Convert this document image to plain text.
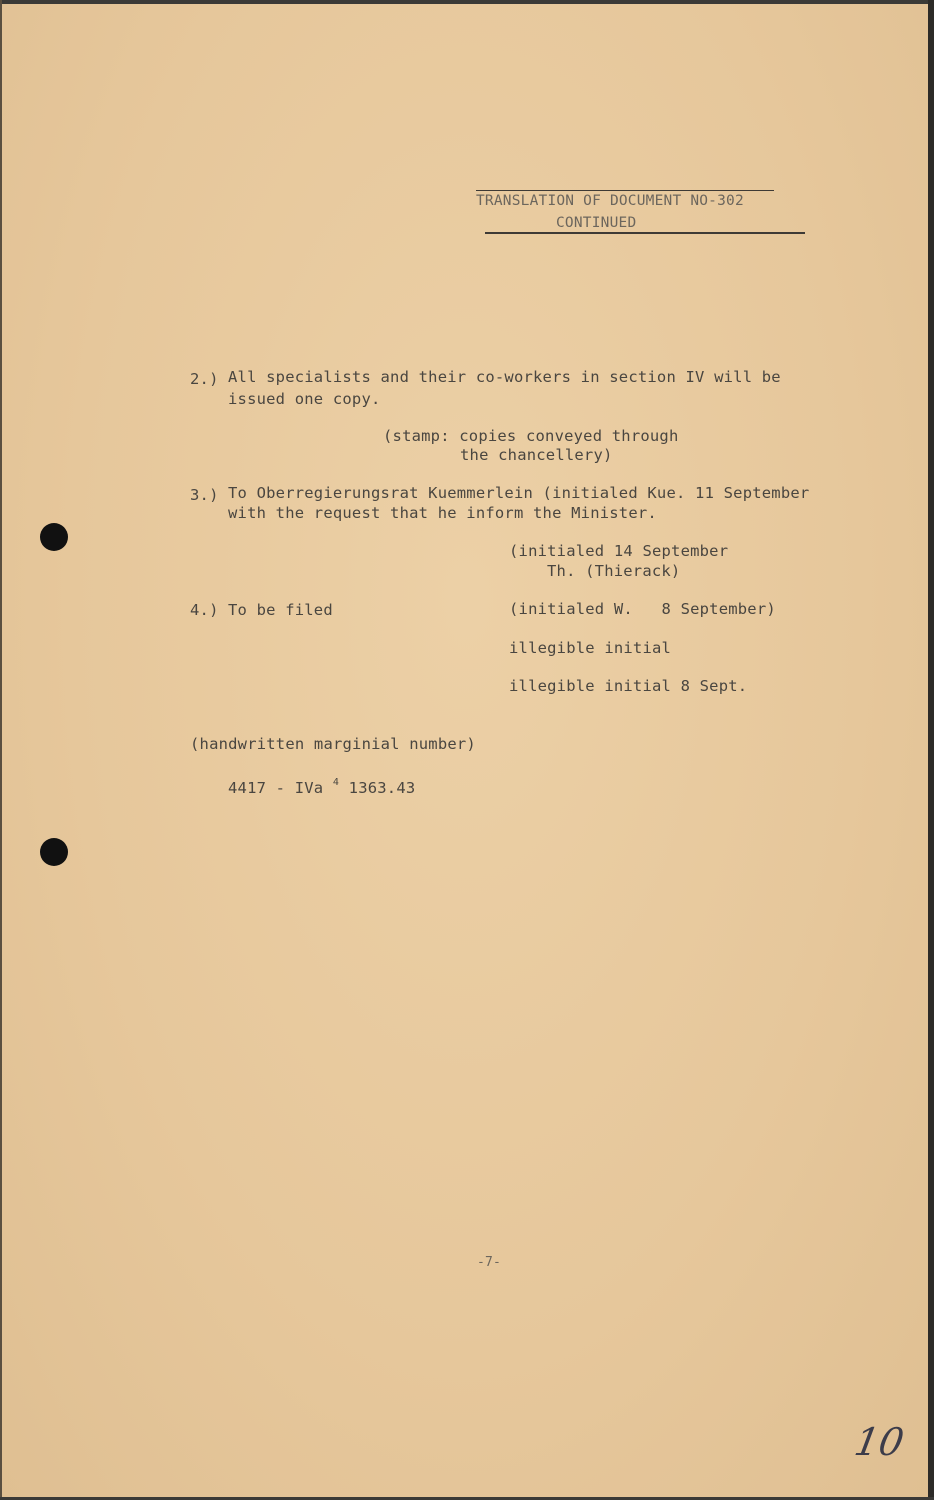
TRANSLATION OF DOCUMENT NO-302
CONTINUED
2.) All specialists and their co-workers in section IV will be
issued one copy.
(stamp: copies conveyed through
the chancellery)
3.) To Oberregierungsrat Kuemmerlein (initialed Kue. 11 September
with the request that he inform the Minister.
(initialed 14 September
Th. (Thierack)
4.) To be filed	(initialed W.   8 September)
illegible initial
illegible initial 8 Sept.
(handwritten marginial number)
4417 - IVa $^4$ 1363.43
-7-
10
